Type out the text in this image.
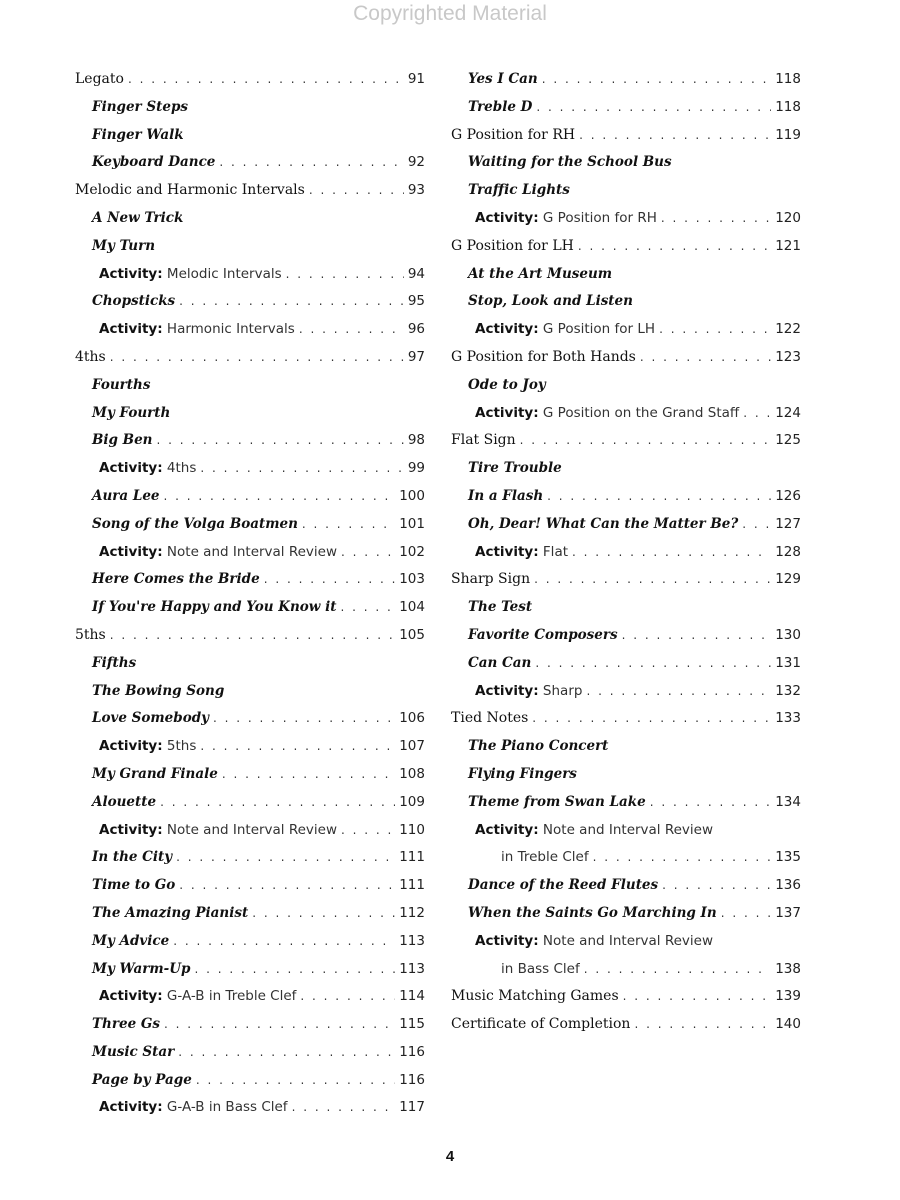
Copyrighted Material
Legato . . .	91
Finger Steps
Finger Walk
Keyboard Dance . . .	92
Melodic and Harmonic Intervals . . .	93
A New Trick
My Turn
Activity: Melodic Intervals . . .	94
Chopsticks . . .	95
Activity: Harmonic Intervals . . .	96
4ths . . .	97
Fourths
My Fourth
Big Ben . . .	98
Activity: 4ths . . .	99
Aura Lee . . .	100
Song of the Volga Boatmen . . .	101
Activity: Note and Interval Review . . .	102
Here Comes the Bride . . .	103
If You're Happy and You Know it . . .	104
5ths . . .	105
Fifths
The Bowing Song
Love Somebody . . .	106
Activity: 5ths . . .	107
My Grand Finale . . .	108
Alouette . . .	109
Activity: Note and Interval Review . . .	110
In the City . . .	111
Time to Go . . .	111
The Amazing Pianist . . .	112
My Advice . . .	113
My Warm-Up . . .	113
Activity: G-A-B in Treble Clef . . .	114
Three Gs . . .	115
Music Star . . .	116
Page by Page . . .	116
Activity: G-A-B in Bass Clef . . .	117
Yes I Can . . .	118
Treble D . . .	118
G Position for RH . . .	119
Waiting for the School Bus
Traffic Lights
Activity: G Position for RH . . .	120
G Position for LH . . .	121
At the Art Museum
Stop, Look and Listen
Activity: G Position for LH . . .	122
G Position for Both Hands . . .	123
Ode to Joy
Activity: G Position on the Grand Staff . . .	124
Flat Sign . . .	125
Tire Trouble
In a Flash . . .	126
Oh, Dear! What Can the Matter Be? . . .	127
Activity: Flat . . .	128
Sharp Sign . . .	129
The Test
Favorite Composers . . .	130
Can Can . . .	131
Activity: Sharp . . .	132
Tied Notes . . .	133
The Piano Concert
Flying Fingers
Theme from Swan Lake . . .	134
Activity: Note and Interval Review
in Treble Clef . . .	135
Dance of the Reed Flutes . . .	136
When the Saints Go Marching In . . .	137
Activity: Note and Interval Review
in Bass Clef . . .	138
Music Matching Games . . .	139
Certificate of Completion . . .	140
4
